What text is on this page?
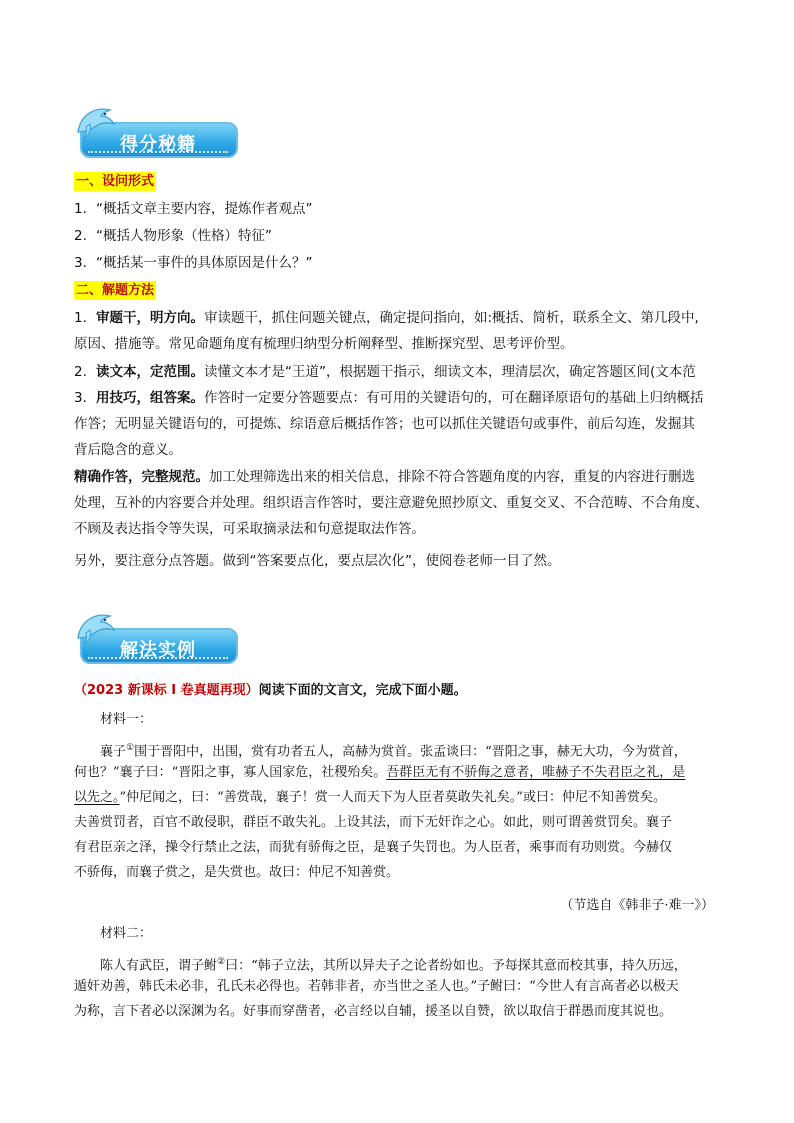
得分秘籍
一、设问形式
1. “概括文章主要内容，提炼作者观点”
2. “概括人物形象（性格）特征”
3. “概括某一事件的具体原因是什么？”
二、解题方法
1. 审题干，明方向。审读题干，抓住问题关键点，确定提问指向，如:概括、简析，联系全文、第几段中,
原因、措施等。常见命题角度有梳理归纳型分析阐释型、推断探究型、思考评价型。
2. 读文本，定范围。读懂文本才是“王道”，根据题干指示，细读文本，理清层次，确定答题区间(文本范
3. 用技巧，组答案。作答时一定要分答题要点：有可用的关键语句的，可在翻译原语句的基础上归纳概括
作答；无明显关键语句的，可提炼、综语意后概括作答；也可以抓住关键语句或事件，前后勾连，发掘其
背后隐含的意义。
精确作答，完整规范。加工处理筛选出来的相关信息，排除不符合答题角度的内容，重复的内容进行删选
处理，互补的内容要合并处理。组织语言作答时，要注意避免照抄原文、重复交叉、不合范畴、不合角度、
不顾及表达指令等失误，可采取摘录法和句意提取法作答。
另外，要注意分点答题。做到“答案要点化，要点层次化”，使阅卷老师一目了然。
解法实例
（2023 新课标 I 卷真题再现）阅读下面的文言文，完成下面小题。
材料一：
襄子①围于晋阳中，出围，赏有功者五人，高赫为赏首。张孟谈曰：“晋阳之事，赫无大功，今为赏首，
何也？”襄子曰：“晋阳之事，寡人国家危，社稷殆矣。吾群臣无有不骄侮之意者，唯赫子不失君臣之礼，是
以先之。”仲尼闻之，曰：“善赏哉，襄子！赏一人而天下为人臣者莫敢失礼矣。”或曰：仲尼不知善赏矣。
夫善赏罚者，百官不敢侵职，群臣不敢失礼。上设其法，而下无奸诈之心。如此，则可谓善赏罚矣。襄子
有君臣亲之泽，操令行禁止之法，而犹有骄侮之臣，是襄子失罚也。为人臣者，乘事而有功则赏。今赫仅
不骄侮，而襄子赏之，是失赏也。故曰：仲尼不知善赏。
（节选自《韩非子·难一》）
材料二：
陈人有武臣，谓子鲋②曰：“韩子立法，其所以异夫子之论者纷如也。予每探其意而校其事，持久历远，
遁奸劝善，韩氏未必非，孔氏未必得也。若韩非者，亦当世之圣人也。”子鲋曰：“今世人有言高者必以极天
为称，言下者必以深渊为名。好事而穿凿者，必言经以自辅，援圣以自赞，欲以取信于群愚而度其说也。
